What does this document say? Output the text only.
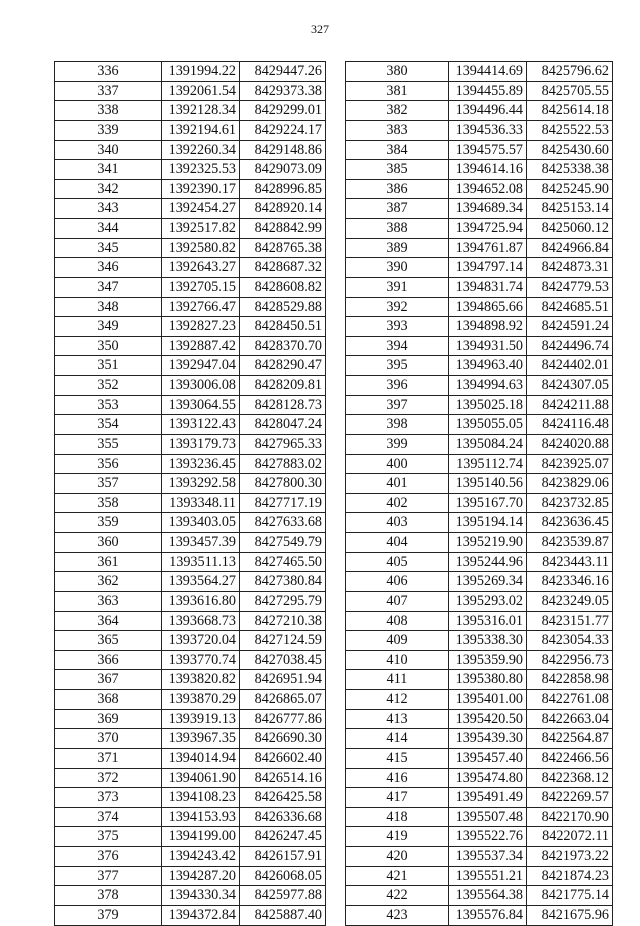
327
336	1391994.22	8429447.26
337	1392061.54	8429373.38
338	1392128.34	8429299.01
339	1392194.61	8429224.17
340	1392260.34	8429148.86
341	1392325.53	8429073.09
342	1392390.17	8428996.85
343	1392454.27	8428920.14
344	1392517.82	8428842.99
345	1392580.82	8428765.38
346	1392643.27	8428687.32
347	1392705.15	8428608.82
348	1392766.47	8428529.88
349	1392827.23	8428450.51
350	1392887.42	8428370.70
351	1392947.04	8428290.47
352	1393006.08	8428209.81
353	1393064.55	8428128.73
354	1393122.43	8428047.24
355	1393179.73	8427965.33
356	1393236.45	8427883.02
357	1393292.58	8427800.30
358	1393348.11	8427717.19
359	1393403.05	8427633.68
360	1393457.39	8427549.79
361	1393511.13	8427465.50
362	1393564.27	8427380.84
363	1393616.80	8427295.79
364	1393668.73	8427210.38
365	1393720.04	8427124.59
366	1393770.74	8427038.45
367	1393820.82	8426951.94
368	1393870.29	8426865.07
369	1393919.13	8426777.86
370	1393967.35	8426690.30
371	1394014.94	8426602.40
372	1394061.90	8426514.16
373	1394108.23	8426425.58
374	1394153.93	8426336.68
375	1394199.00	8426247.45
376	1394243.42	8426157.91
377	1394287.20	8426068.05
378	1394330.34	8425977.88
379	1394372.84	8425887.40
380	1394414.69	8425796.62
381	1394455.89	8425705.55
382	1394496.44	8425614.18
383	1394536.33	8425522.53
384	1394575.57	8425430.60
385	1394614.16	8425338.38
386	1394652.08	8425245.90
387	1394689.34	8425153.14
388	1394725.94	8425060.12
389	1394761.87	8424966.84
390	1394797.14	8424873.31
391	1394831.74	8424779.53
392	1394865.66	8424685.51
393	1394898.92	8424591.24
394	1394931.50	8424496.74
395	1394963.40	8424402.01
396	1394994.63	8424307.05
397	1395025.18	8424211.88
398	1395055.05	8424116.48
399	1395084.24	8424020.88
400	1395112.74	8423925.07
401	1395140.56	8423829.06
402	1395167.70	8423732.85
403	1395194.14	8423636.45
404	1395219.90	8423539.87
405	1395244.96	8423443.11
406	1395269.34	8423346.16
407	1395293.02	8423249.05
408	1395316.01	8423151.77
409	1395338.30	8423054.33
410	1395359.90	8422956.73
411	1395380.80	8422858.98
412	1395401.00	8422761.08
413	1395420.50	8422663.04
414	1395439.30	8422564.87
415	1395457.40	8422466.56
416	1395474.80	8422368.12
417	1395491.49	8422269.57
418	1395507.48	8422170.90
419	1395522.76	8422072.11
420	1395537.34	8421973.22
421	1395551.21	8421874.23
422	1395564.38	8421775.14
423	1395576.84	8421675.96
